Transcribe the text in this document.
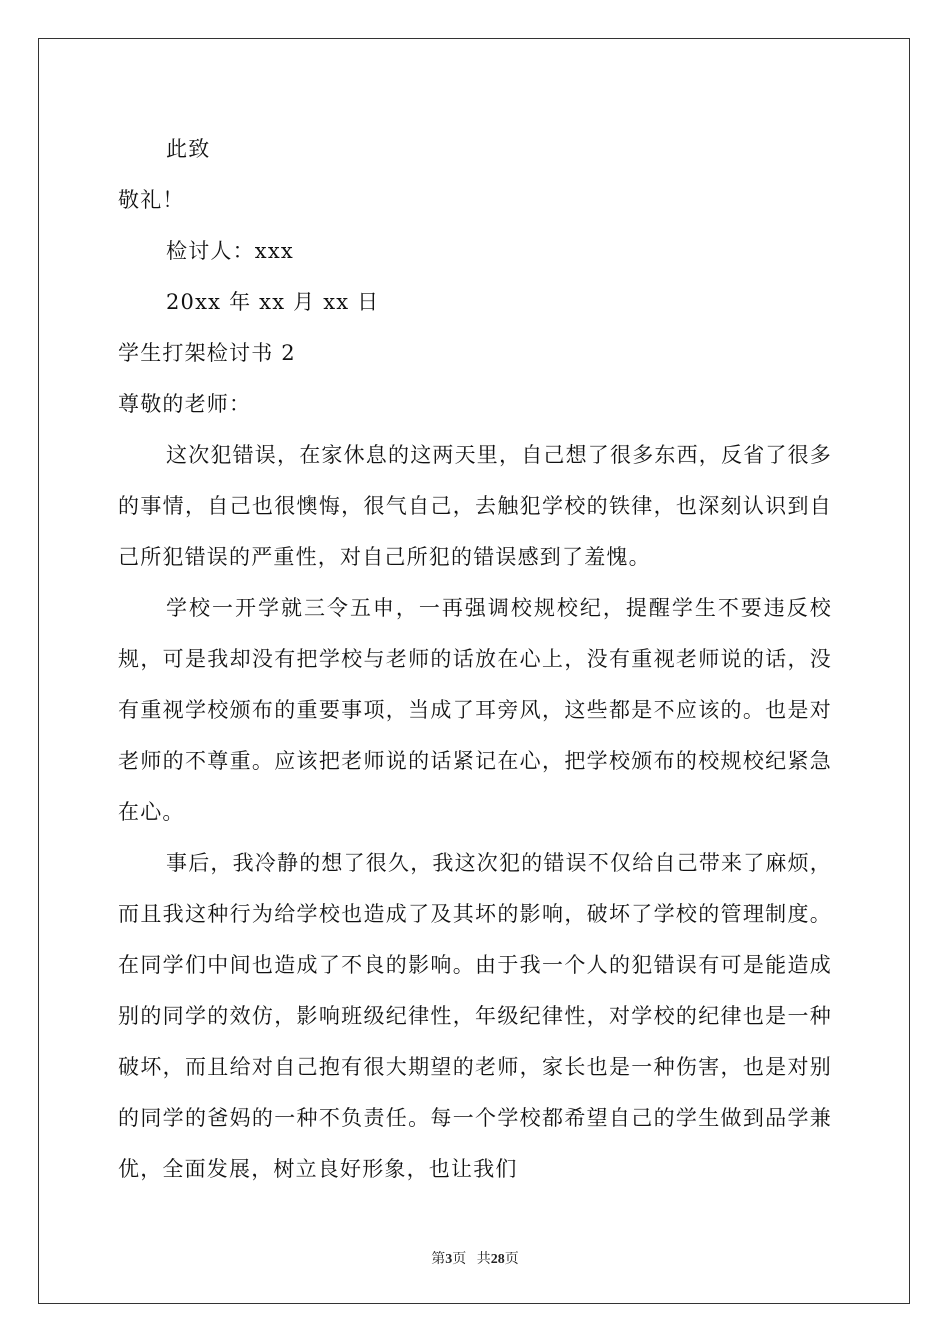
此致
敬礼！
检讨人：xxx
20xx 年 xx 月 xx 日
学生打架检讨书 2
尊敬的老师：

这次犯错误，在家休息的这两天里，自己想了很多东西，反省了很多的事情，自己也很懊悔，很气自己，去触犯学校的铁律，也深刻认识到自己所犯错误的严重性，对自己所犯的错误感到了羞愧。

学校一开学就三令五申，一再强调校规校纪，提醒学生不要违反校规，可是我却没有把学校与老师的话放在心上，没有重视老师说的话，没有重视学校颁布的重要事项，当成了耳旁风，这些都是不应该的。也是对老师的不尊重。应该把老师说的话紧记在心，把学校颁布的校规校纪紧急在心。

事后，我冷静的想了很久，我这次犯的错误不仅给自己带来了麻烦，而且我这种行为给学校也造成了及其坏的影响，破坏了学校的管理制度。在同学们中间也造成了不良的影响。由于我一个人的犯错误有可是能造成别的同学的效仿，影响班级纪律性，年级纪律性，对学校的纪律也是一种破坏，而且给对自己抱有很大期望的老师，家长也是一种伤害，也是对别的同学的爸妈的一种不负责任。每一个学校都希望自己的学生做到品学兼优，全面发展，树立良好形象，也让我们

第3页 共28页
